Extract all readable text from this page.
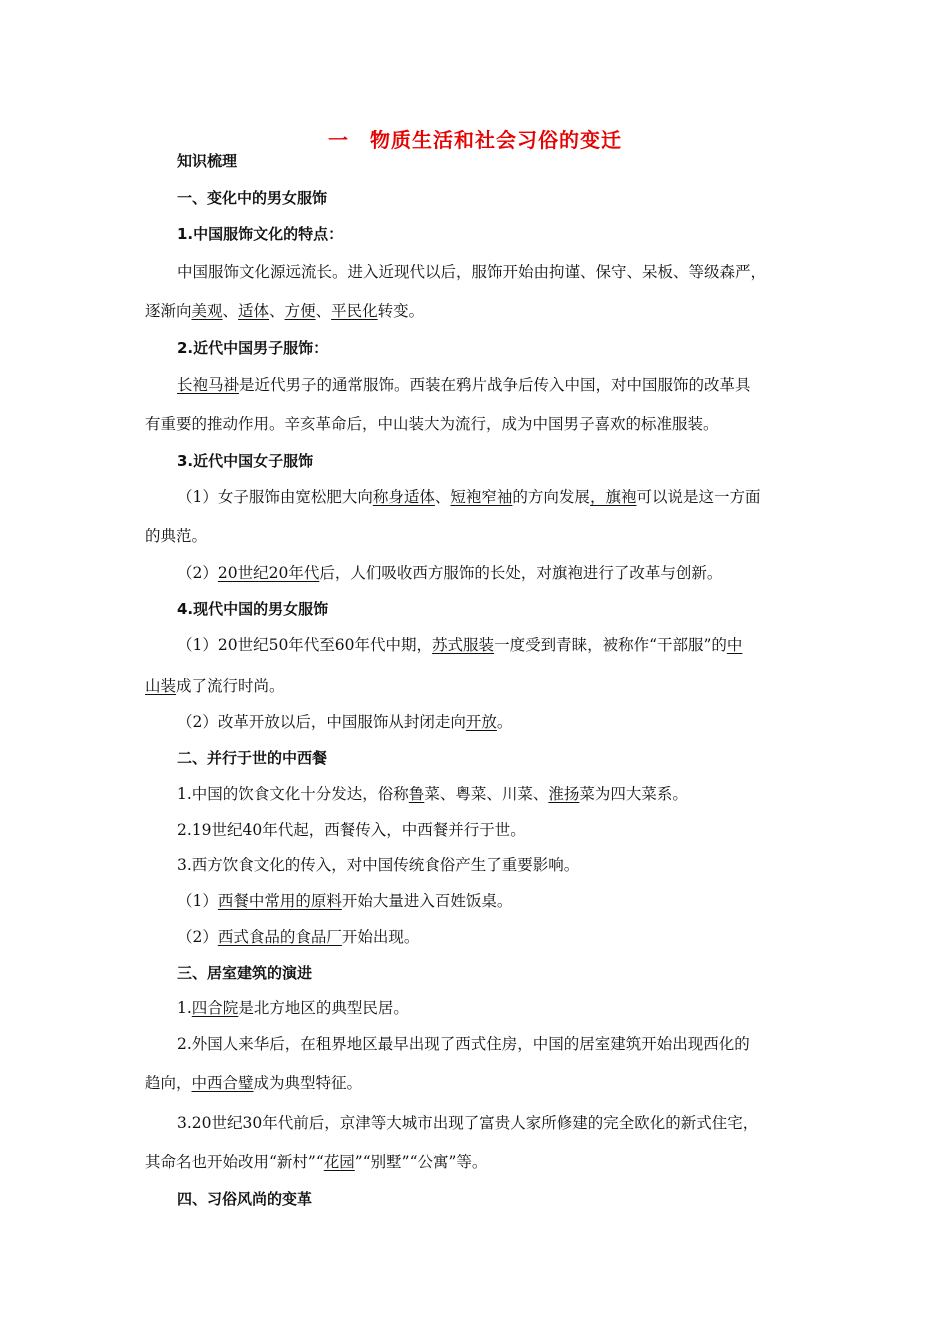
一　物质生活和社会习俗的变迁
知识梳理
一、变化中的男女服饰
1.中国服饰文化的特点：
中国服饰文化源远流长。进入近现代以后，服饰开始由拘谨、保守、呆板、等级森严，
逐渐向美观、适体、方便、平民化转变。
2.近代中国男子服饰：
长袍马褂是近代男子的通常服饰。西装在鸦片战争后传入中国，对中国服饰的改革具
有重要的推动作用。辛亥革命后，中山装大为流行，成为中国男子喜欢的标准服装。
3.近代中国女子服饰
（1）女子服饰由宽松肥大向称身适体、短袍窄袖的方向发展，旗袍可以说是这一方面
的典范。
（2）20世纪20年代后，人们吸收西方服饰的长处，对旗袍进行了改革与创新。
4.现代中国的男女服饰
（1）20世纪50年代至60年代中期，苏式服装一度受到青睐，被称作“干部服”的中
山装成了流行时尚。
（2）改革开放以后，中国服饰从封闭走向开放。
二、并行于世的中西餐
1.中国的饮食文化十分发达，俗称鲁菜、粤菜、川菜、淮扬菜为四大菜系。
2.19世纪40年代起，西餐传入，中西餐并行于世。
3.西方饮食文化的传入，对中国传统食俗产生了重要影响。
（1）西餐中常用的原料开始大量进入百姓饭桌。
（2）西式食品的食品厂开始出现。
三、居室建筑的演进
1.四合院是北方地区的典型民居。
2.外国人来华后，在租界地区最早出现了西式住房，中国的居室建筑开始出现西化的
趋向，中西合璧成为典型特征。
3.20世纪30年代前后，京津等大城市出现了富贵人家所修建的完全欧化的新式住宅，
其命名也开始改用“新村”“花园”“别墅”“公寓”等。
四、习俗风尚的变革
